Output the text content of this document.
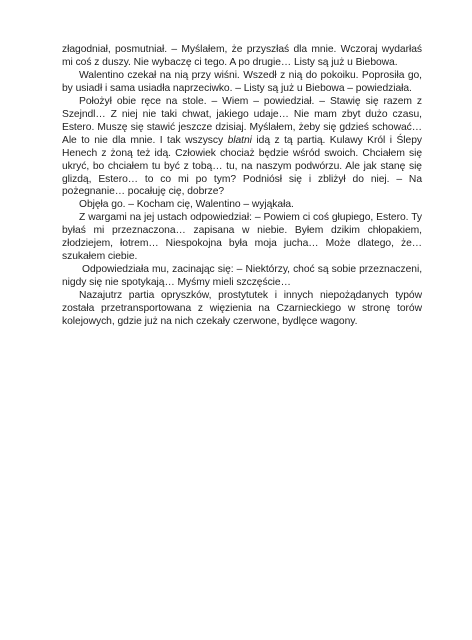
złagodniał, posmutniał. – Myślałem, że przyszłaś dla mnie. Wczoraj wydarłaś mi coś z duszy. Nie wybaczę ci tego. A po drugie… Listy są już u Biebowa.

Walentino czekał na nią przy wiśni. Wszedł z nią do pokoiku. Poprosiła go, by usiadł i sama usiadła naprzeciwko. – Listy są już u Biebowa – powiedziała.

Położył obie ręce na stole. – Wiem – powiedział. – Stawię się razem z Szejndl… Z niej nie taki chwat, jakiego udaje… Nie mam zbyt dużo czasu, Estero. Muszę się stawić jeszcze dzisiaj. Myślałem, żeby się gdzieś schować… Ale to nie dla mnie. I tak wszyscy blatni idą z tą partią. Kulawy Król i Ślepy Henech z żoną też idą. Człowiek chociaż będzie wśród swoich. Chciałem się ukryć, bo chciałem tu być z tobą… tu, na naszym podwórzu. Ale jak stanę się glizdą, Estero… to co mi po tym? Podniósł się i zbliżył do niej. – Na pożegnanie… pocałuję cię, dobrze?

Objęła go. – Kocham cię, Walentino – wyjąkała.

Z wargami na jej ustach odpowiedział: – Powiem ci coś głupiego, Estero. Ty byłaś mi przeznaczona… zapisana w niebie. Byłem dzikim chłopakiem, złodziejem, łotrem… Niespokojna była moja jucha… Może dlatego, że… szukałem ciebie.

Odpowiedziała mu, zacinając się: – Niektórzy, choć są sobie przeznaczeni, nigdy się nie spotykają… Myśmy mieli szczęście…

Nazajutrz partia opryszków, prostytutek i innych niepożądanych typów została przetransportowana z więzienia na Czarnieckiego w stronę torów kolejowych, gdzie już na nich czekały czerwone, bydlęce wagony.
